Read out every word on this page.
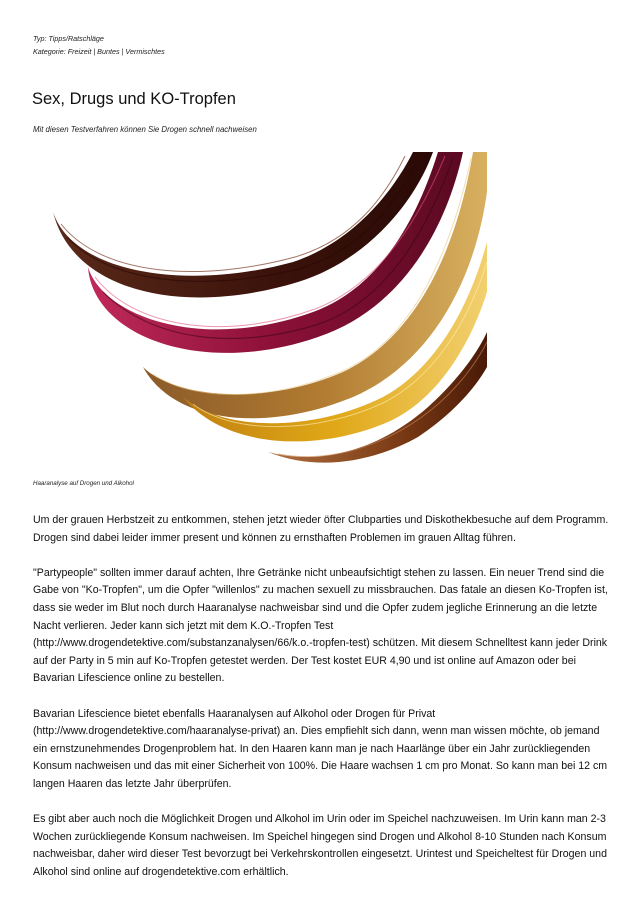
Typ: Tipps/Ratschläge
Kategorie: Freizeit | Buntes | Vermischtes
Sex, Drugs und KO-Tropfen
Mit diesen Testverfahren können Sie Drogen schnell nachweisen
Haaranalyse auf Drogen und Alkohol

Um der grauen Herbstzeit zu entkommen, stehen jetzt wieder öfter Clubparties und Diskothekbesuche auf dem Programm. Drogen sind dabei leider immer present und können zu ernsthaften Problemen im grauen Alltag führen.

"Partypeople" sollten immer darauf achten, Ihre Getränke nicht unbeaufsichtigt stehen zu lassen. Ein neuer Trend sind die Gabe von "Ko-Tropfen", um die Opfer "willenlos" zu machen sexuell zu missbrauchen. Das fatale an diesen Ko-Tropfen ist, dass sie weder im Blut noch durch Haaranalyse nachweisbar sind und die Opfer zudem jegliche Erinnerung an die letzte Nacht verlieren. Jeder kann sich jetzt mit dem K.O.-Tropfen Test (http://www.drogendetektive.com/substanzanalysen/66/k.o.-tropfen-test) schützen. Mit diesem Schnelltest kann jeder Drink auf der Party in 5 min auf Ko-Tropfen getestet werden. Der Test kostet EUR 4,90 und ist online auf Amazon oder bei Bavarian Lifescience online zu bestellen.

Bavarian Lifescience bietet ebenfalls Haaranalysen auf Alkohol oder Drogen für Privat (http://www.drogendetektive.com/haaranalyse-privat) an. Dies empfiehlt sich dann, wenn man wissen möchte, ob jemand ein ernstzunehmendes Drogenproblem hat. In den Haaren kann man je nach Haarlänge über ein Jahr zurückliegenden Konsum nachweisen und das mit einer Sicherheit von 100%. Die Haare wachsen 1 cm pro Monat. So kann man bei 12 cm langen Haaren das letzte Jahr überprüfen.

Es gibt aber auch noch die Möglichkeit Drogen und Alkohol im Urin oder im Speichel nachzuweisen. Im Urin kann man 2-3 Wochen zurückliegende Konsum nachweisen. Im Speichel hingegen sind Drogen und Alkohol 8-10 Stunden nach Konsum nachweisbar, daher wird dieser Test bevorzugt bei Verkehrskontrollen eingesetzt. Urintest und Speicheltest für Drogen und Alkohol sind online auf drogendetektive.com erhältlich.
